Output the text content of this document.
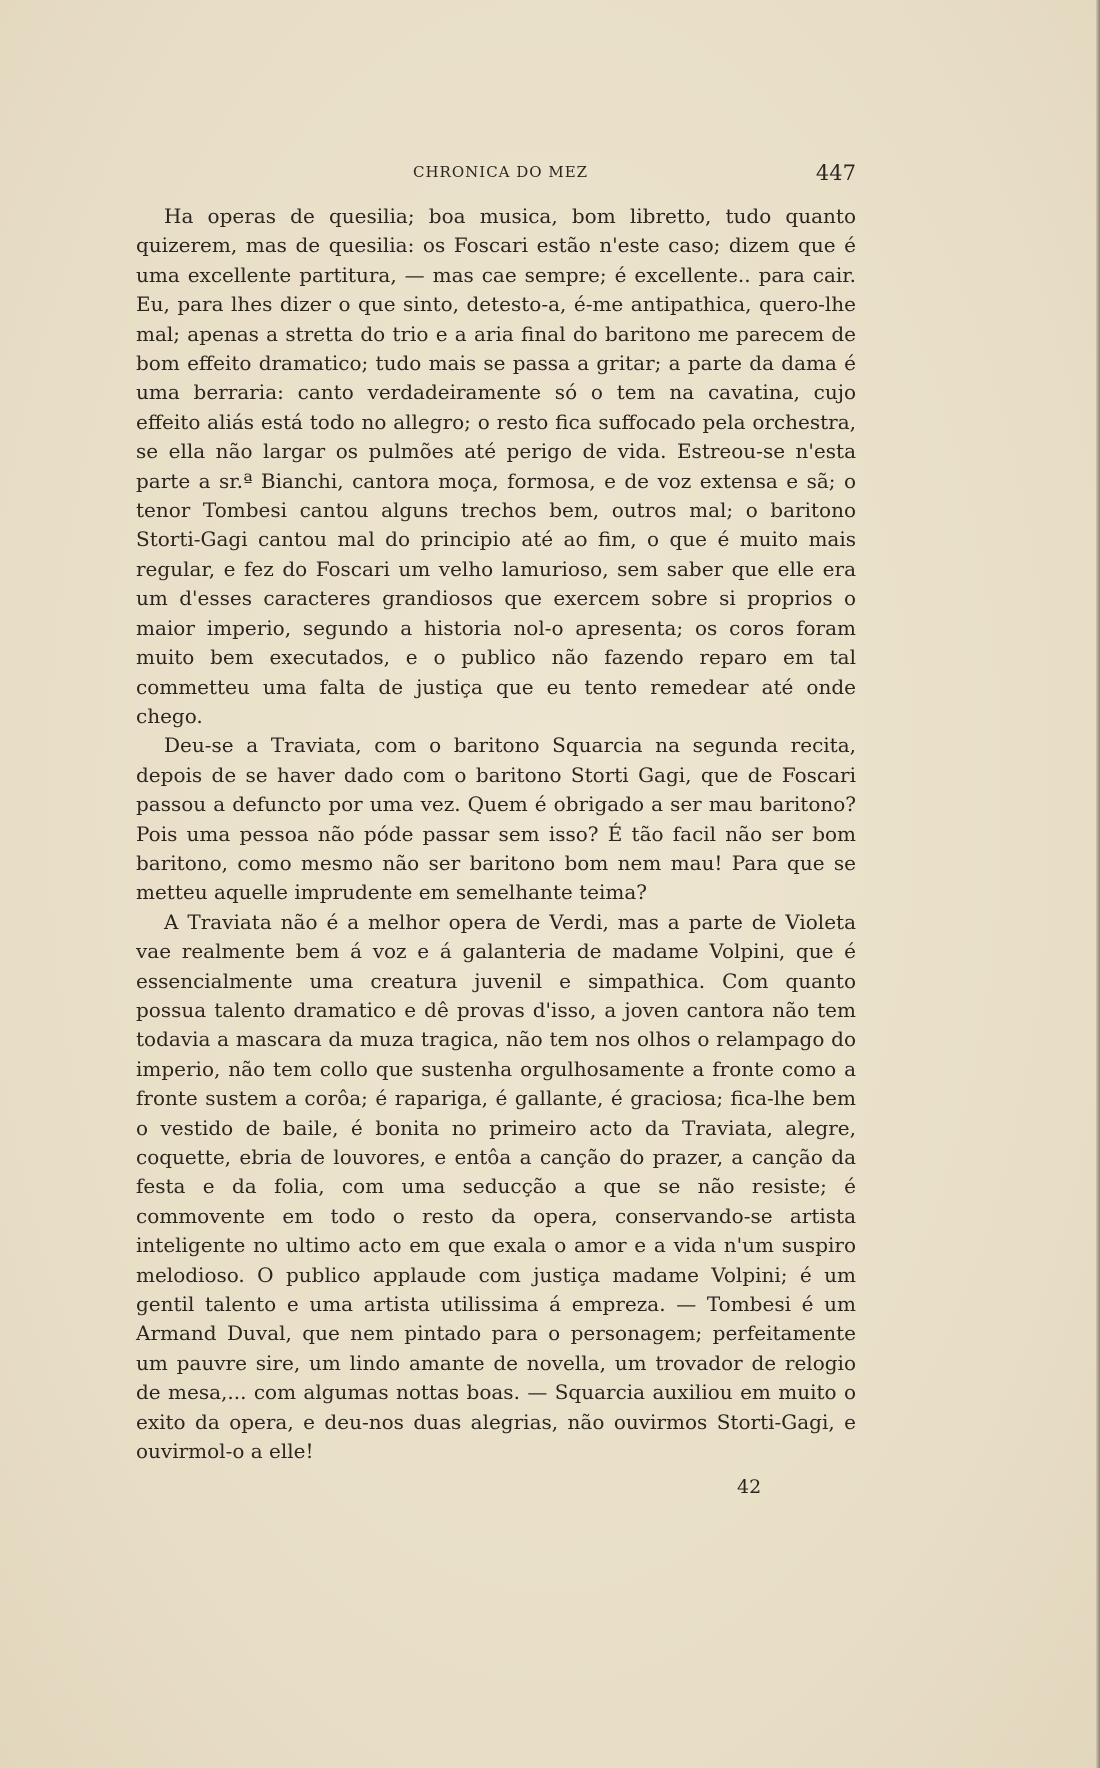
CHRONICA DO MEZ	447

Ha operas de quesilia; boa musica, bom libretto, tudo quanto quizerem, mas de quesilia: os Foscari estão n'este caso; dizem que é uma excellente partitura, — mas cae sempre; é excellente.. para cair. Eu, para lhes dizer o que sinto, detesto-a, é-me antipathica, quero-lhe mal; apenas a stretta do trio e a aria final do baritono me parecem de bom effeito dramatico; tudo mais se passa a gritar; a parte da dama é uma berraria: canto verdadeiramente só o tem na cavatina, cujo effeito aliás está todo no allegro; o resto fica suffocado pela orchestra, se ella não largar os pulmões até perigo de vida. Estreou-se n'esta parte a sr.ª Bianchi, cantora moça, formosa, e de voz extensa e sã; o tenor Tombesi cantou alguns trechos bem, outros mal; o baritono Storti-Gagi cantou mal do principio até ao fim, o que é muito mais regular, e fez do Foscari um velho lamurioso, sem saber que elle era um d'esses caracteres grandiosos que exercem sobre si proprios o maior imperio, segundo a historia nol-o apresenta; os coros foram muito bem executados, e o publico não fazendo reparo em tal commetteu uma falta de justiça que eu tento remedear até onde chego.

Deu-se a Traviata, com o baritono Squarcia na segunda recita, depois de se haver dado com o baritono Storti Gagi, que de Foscari passou a defuncto por uma vez. Quem é obrigado a ser mau baritono? Pois uma pessoa não póde passar sem isso? É tão facil não ser bom baritono, como mesmo não ser baritono bom nem mau! Para que se metteu aquelle imprudente em semelhante teima?

A Traviata não é a melhor opera de Verdi, mas a parte de Violeta vae realmente bem á voz e á galanteria de madame Volpini, que é essencialmente uma creatura juvenil e simpathica. Com quanto possua talento dramatico e dê provas d'isso, a joven cantora não tem todavia a mascara da muza tragica, não tem nos olhos o relampago do imperio, não tem collo que sustenha orgulhosamente a fronte como a fronte sustem a corôa; é raparigа, é gallante, é graciosa; fica-lhe bem o vestido de baile, é bonita no primeiro acto da Traviata, alegre, coquette, ebria de louvores, e entôa a canção do prazer, a canção da festa e da folia, com uma seducção a que se não resiste; é commovente em todo o resto da opera, conservando-se artista inteligente no ultimo acto em que exala o amor e a vida n'um suspiro melodioso. O publico applaude com justiça madame Volpini; é um gentil talento e uma artista utilissima á empreza. — Tombesi é um Armand Duval, que nem pintado para o personagem; perfeitamente um pauvre sire, um lindo amante de novella, um trovador de relogio de mesa,... com algumas nottas boas. — Squarcia auxiliou em muito o exito da opera, e deu-nos duas alegrias, não ouvirmos Storti-Gagi, e ouvirmol-o a elle!

42
